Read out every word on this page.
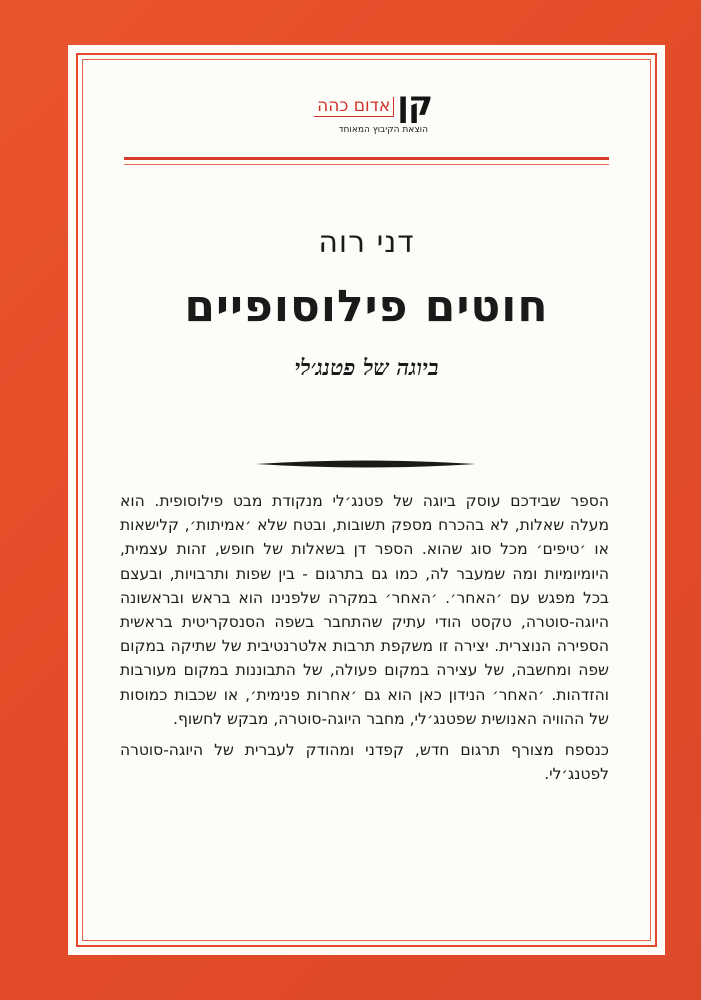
קן
אדום כהה
הוצאת הקיבוץ המאוחד
דני רוה
חוטים פילוסופיים
ביוגה של פטנג׳לי

הספר שבידכם עוסק ביוגה של פטנג׳לי מנקודת מבט פילוסופית. הוא מעלה שאלות, לא בהכרח מספק תשובות, ובטח שלא ׳אמיתות׳, קלישאות או ׳טיפים׳ מכל סוג שהוא. הספר דן בשאלות של חופש, זהות עצמית, היומיומיות ומה שמעבר לה, כמו גם בתרגום - בין שפות ותרבויות, ובעצם בכל מפגש עם ׳האחר׳. ׳האחר׳ במקרה שלפנינו הוא בראש ובראשונה היוגה-סוטרה, טקסט הודי עתיק שהתחבר בשפה הסנסקריטית בראשית הספירה הנוצרית. יצירה זו משקפת תרבות אלטרנטיבית של שתיקה במקום שפה ומחשבה, של עצירה במקום פעולה, של התבוננות במקום מעורבות והזדהות. ׳האחר׳ הנידון כאן הוא גם ׳אחרות פנימית׳, או שכבות כמוסות של ההוויה האנושית שפטנג׳לי, מחבר היוגה-סוטרה, מבקש לחשוף.

כנספח מצורף תרגום חדש, קפדני ומהודק לעברית של היוגה-סוטרה לפטנג׳לי.
